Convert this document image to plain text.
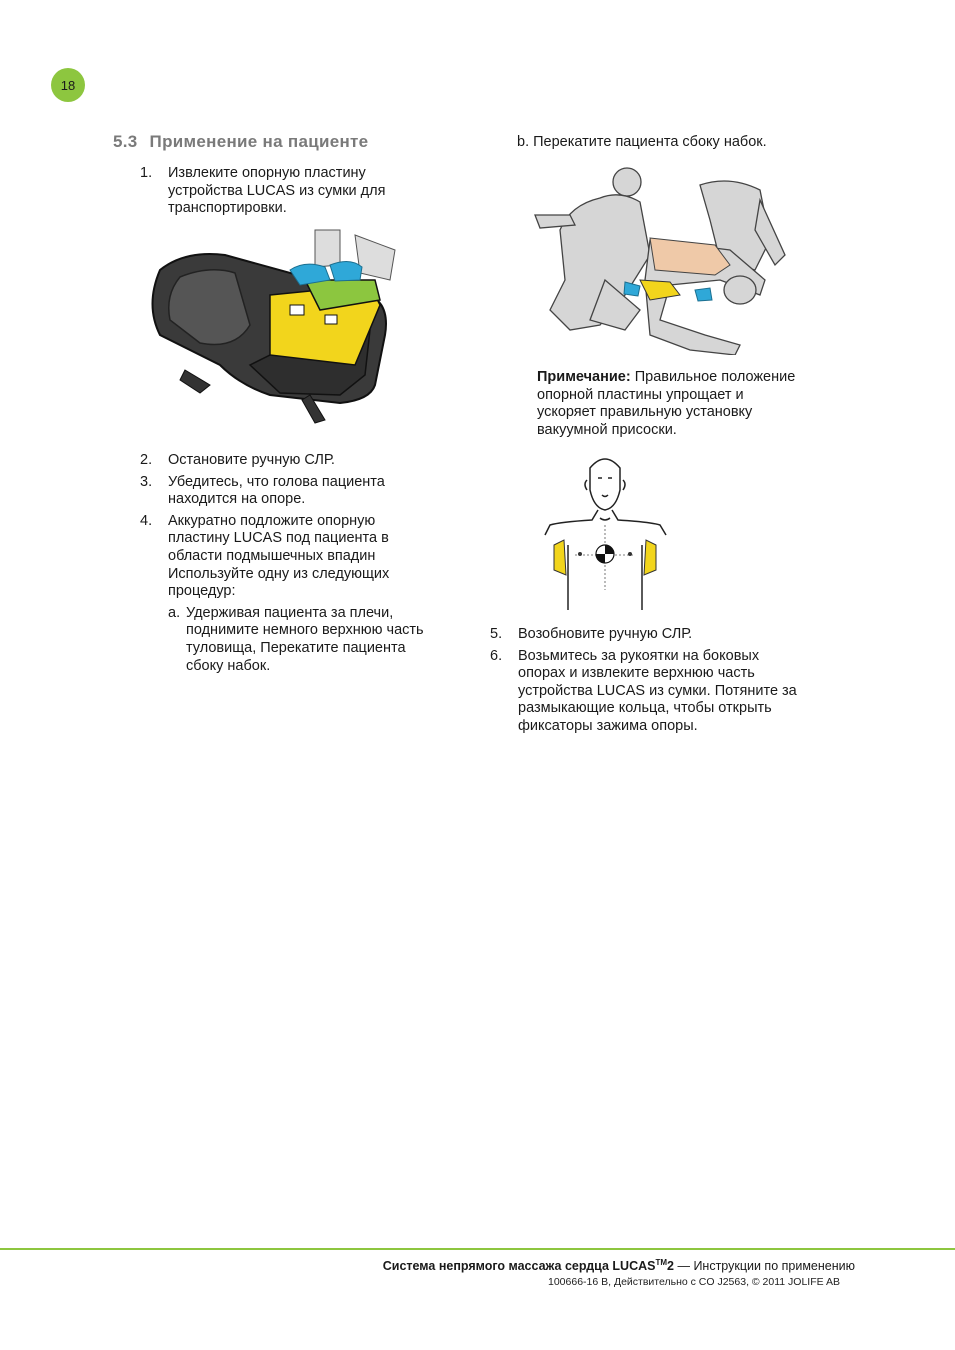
18
5.3 Применение на пациенте
1. Извлеките опорную пластину устройства LUCAS из сумки для транспортировки.
2. Остановите ручную СЛР.
3. Убедитесь, что голова пациента находится на опоре.
4. Аккуратно подложите опорную пластину LUCAS под пациента в области подмышечных впадин Используйте одну из следующих процедур:
a. Удерживая пациента за плечи, поднимите немного верхнюю часть туловища, Перекатите пациента сбоку набок.
b. Перекатите пациента сбоку набок.
Примечание: Правильное положение опорной пластины упрощает и ускоряет правильную установку вакуумной присоски.
5. Возобновите ручную СЛР.
6. Возьмитесь за рукоятки на боковых опорах и извлеките верхнюю часть устройства LUCAS из сумки. Потяните за размыкающие кольца, чтобы открыть фиксаторы зажима опоры.
Система непрямого массажа сердца LUCAS™2 — Инструкции по применению
100666-16 B, Действительно с CO J2563, © 2011 JOLIFE AB
